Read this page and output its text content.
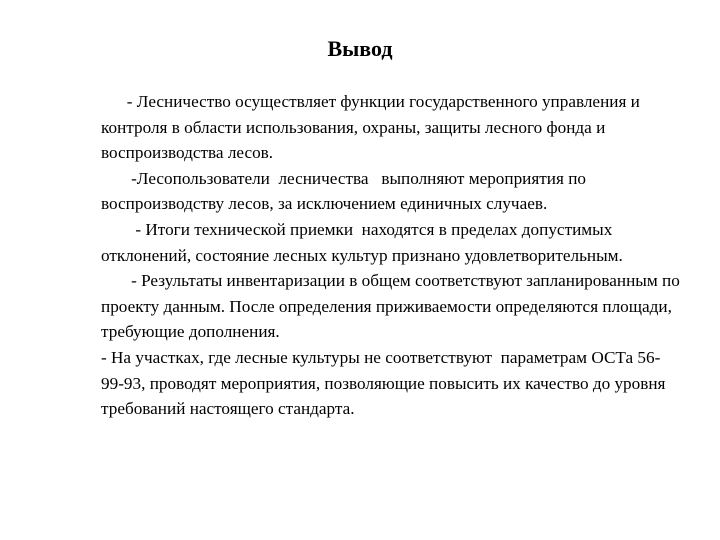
Вывод

- Лесничество осуществляет функции государственного управления и контроля в области использования, охраны, защиты лесного фонда и воспроизводства лесов.

-Лесопользователи  лесничества   выполняют мероприятия по воспроизводству лесов, за исключением единичных случаев.

- Итоги технической приемки  находятся в пределах допустимых отклонений, состояние лесных культур признано удовлетворительным.

- Результаты инвентаризации в общем соответствуют запланированным по проекту данным. После определения приживаемости определяются площади, требующие дополнения.

- На участках, где лесные культуры не соответствуют  параметрам ОСТа 56-99-93, проводят мероприятия, позволяющие повысить их качество до уровня требований настоящего стандарта.
